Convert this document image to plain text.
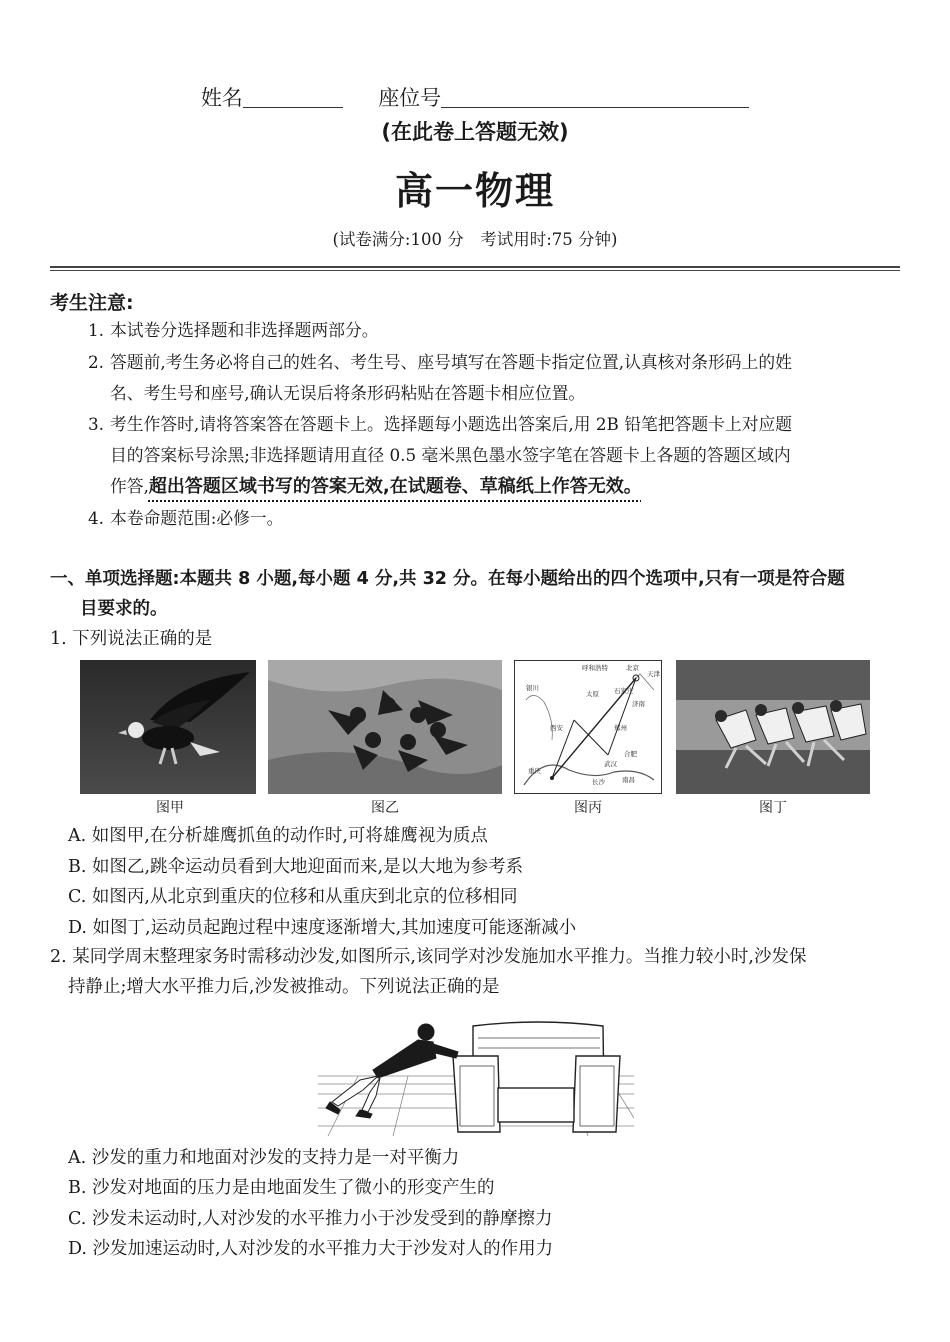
姓名	座位号
(在此卷上答题无效)
高一物理
(试卷满分:100 分　考试用时:75 分钟)
考生注意:
1. 本试卷分选择题和非选择题两部分。
2. 答题前,考生务必将自己的姓名、考生号、座号填写在答题卡指定位置,认真核对条形码上的姓
名、考生号和座号,确认无误后将条形码粘贴在答题卡相应位置。
3. 考生作答时,请将答案答在答题卡上。选择题每小题选出答案后,用 2B 铅笔把答题卡上对应题
目的答案标号涂黑;非选择题请用直径 0.5 毫米黑色墨水签字笔在答题卡上各题的答题区域内
作答,超出答题区域书写的答案无效,在试题卷、草稿纸上作答无效。
4. 本卷命题范围:必修一。
一、单项选择题:本题共 8 小题,每小题 4 分,共 32 分。在每小题给出的四个选项中,只有一项是符合题
目要求的。
1. 下列说法正确的是
图甲	图乙
呼和浩特	北京
天津
银川
太原 石家庄
济南
西安	郑州
合肥
武汉
重庆
长沙	南昌
图丙	图丁
A. 如图甲,在分析雄鹰抓鱼的动作时,可将雄鹰视为质点
B. 如图乙,跳伞运动员看到大地迎面而来,是以大地为参考系
C. 如图丙,从北京到重庆的位移和从重庆到北京的位移相同
D. 如图丁,运动员起跑过程中速度逐渐增大,其加速度可能逐渐减小
2. 某同学周末整理家务时需移动沙发,如图所示,该同学对沙发施加水平推力。当推力较小时,沙发保
持静止;增大水平推力后,沙发被推动。下列说法正确的是
A. 沙发的重力和地面对沙发的支持力是一对平衡力
B. 沙发对地面的压力是由地面发生了微小的形变产生的
C. 沙发未运动时,人对沙发的水平推力小于沙发受到的静摩擦力
D. 沙发加速运动时,人对沙发的水平推力大于沙发对人的作用力
